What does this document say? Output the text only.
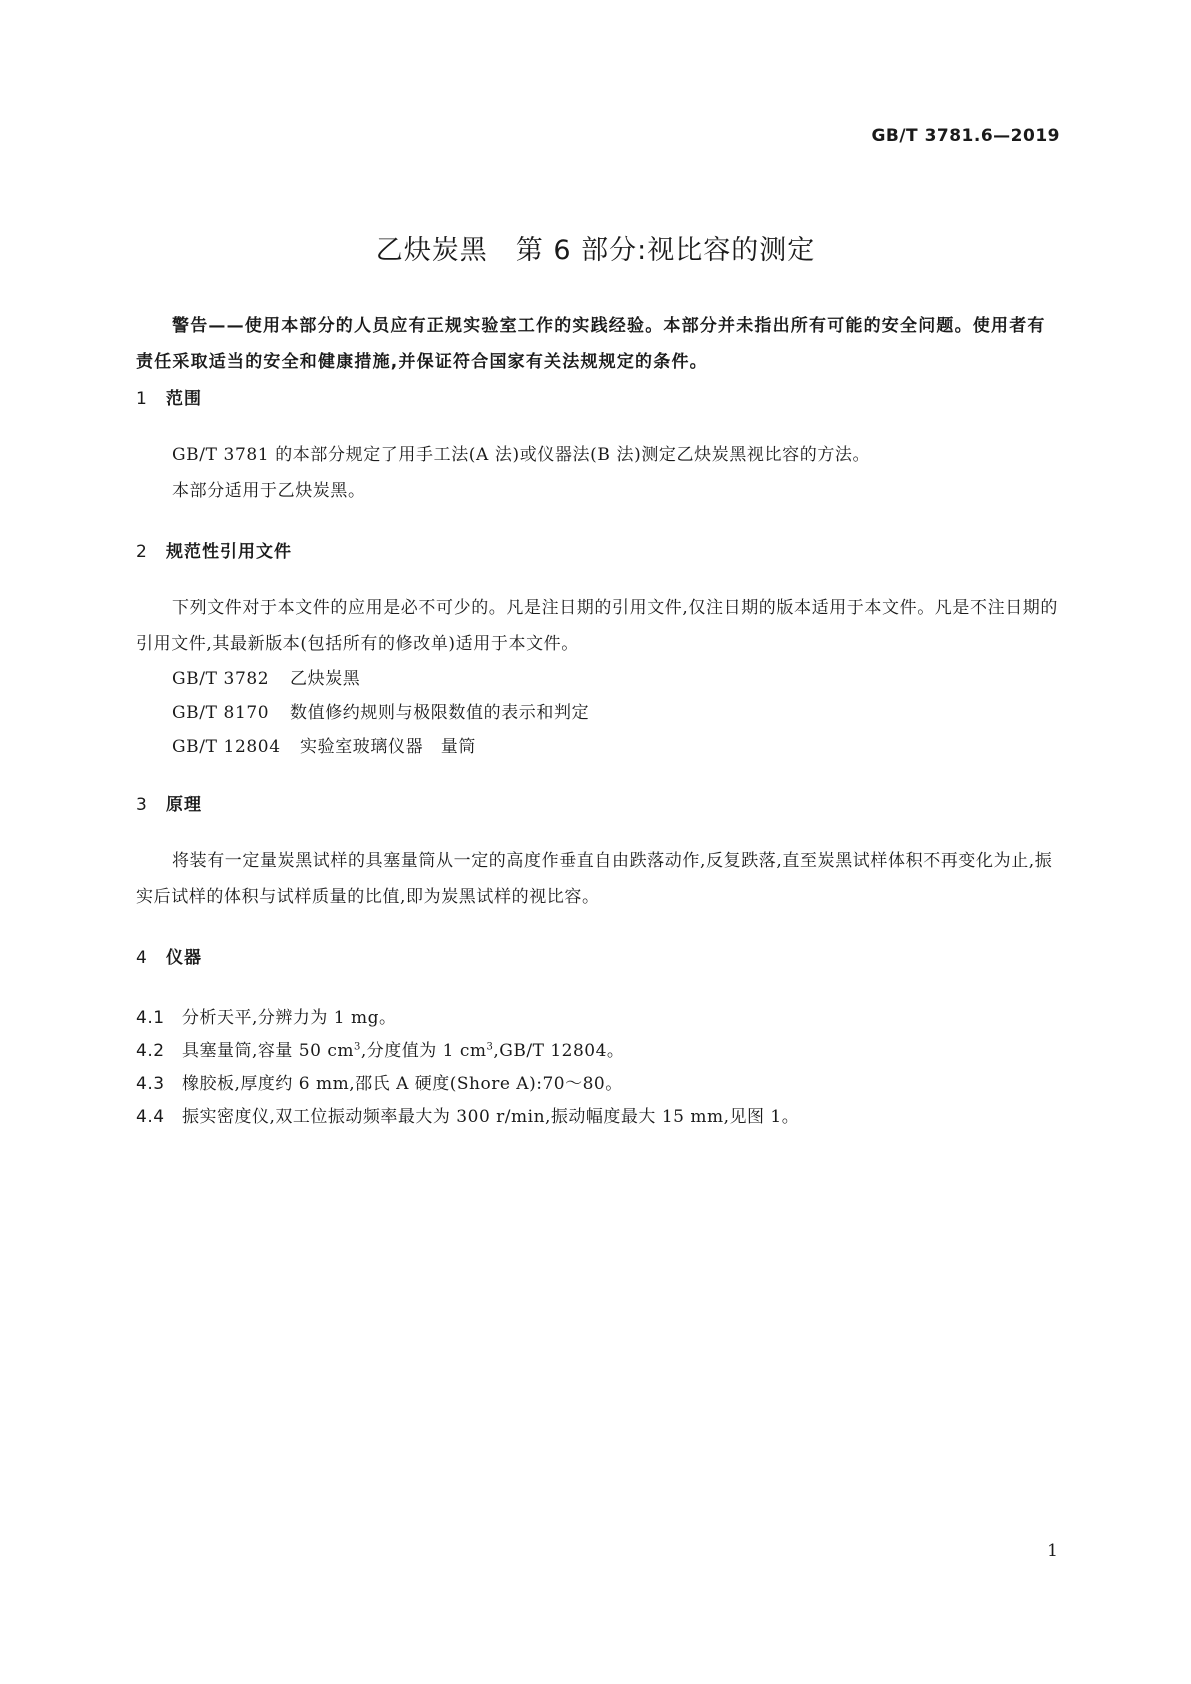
GB/T 3781.6—2019
乙炔炭黑　第 6 部分:视比容的测定

警告——使用本部分的人员应有正规实验室工作的实践经验。本部分并未指出所有可能的安全问题。使用者有责任采取适当的安全和健康措施,并保证符合国家有关法规规定的条件。

1 范围

GB/T 3781 的本部分规定了用手工法(A 法)或仪器法(B 法)测定乙炔炭黑视比容的方法。

本部分适用于乙炔炭黑。

2 规范性引用文件

下列文件对于本文件的应用是必不可少的。凡是注日期的引用文件,仅注日期的版本适用于本文件。凡是不注日期的引用文件,其最新版本(包括所有的修改单)适用于本文件。

GB/T 3782 乙炔炭黑
GB/T 8170 数值修约规则与极限数值的表示和判定
GB/T 12804 实验室玻璃仪器　量筒
3 原理

将装有一定量炭黑试样的具塞量筒从一定的高度作垂直自由跌落动作,反复跌落,直至炭黑试样体积不再变化为止,振实后试样的体积与试样质量的比值,即为炭黑试样的视比容。

4 仪器
4.1 分析天平,分辨力为 1 mg。
4.2 具塞量筒,容量 50 $cm^3$,分度值为 1 $cm^3,GB/T$ 12804。
4.3 橡胶板,厚度约 6 mm,邵氏 A 硬度(Shore A):70～80。
4.4 振实密度仪,双工位振动频率最大为 300 r/min,振动幅度最大 15 mm,见图 1。
1
